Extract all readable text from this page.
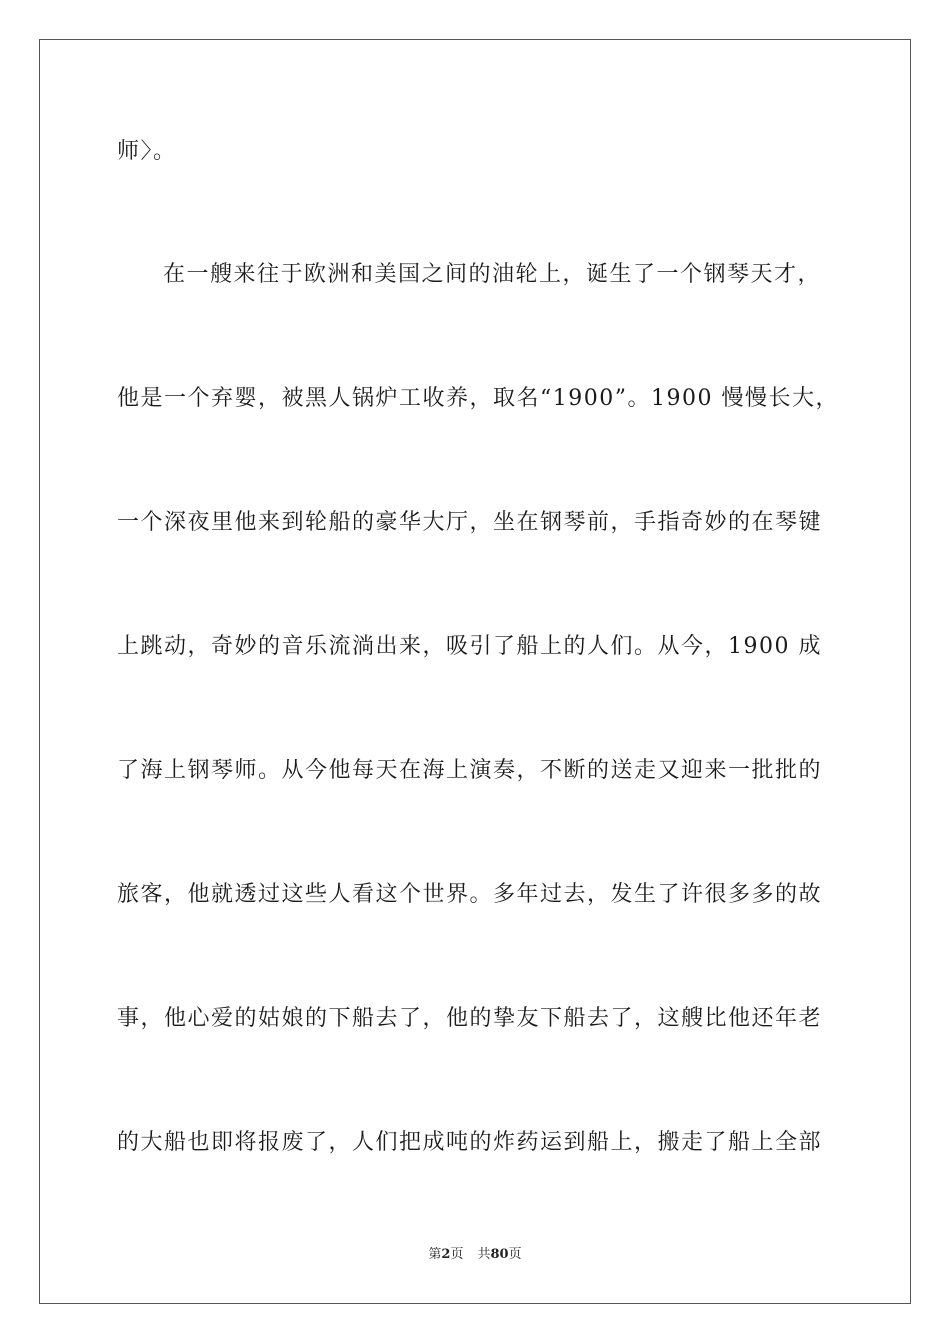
师〉。
在一艘来往于欧洲和美国之间的油轮上，诞生了一个钢琴天才，
他是一个弃婴，被黑人锅炉工收养，取名“1900”。1900 慢慢长大，
一个深夜里他来到轮船的豪华大厅，坐在钢琴前，手指奇妙的在琴键
上跳动，奇妙的音乐流淌出来，吸引了船上的人们。从今，1900 成
了海上钢琴师。从今他每天在海上演奏，不断的送走又迎来一批批的
旅客，他就透过这些人看这个世界。多年过去，发生了许很多多的故
事，他心爱的姑娘的下船去了，他的挚友下船去了，这艘比他还年老
的大船也即将报废了，人们把成吨的炸药运到船上，搬走了船上全部
第2页 共80页
